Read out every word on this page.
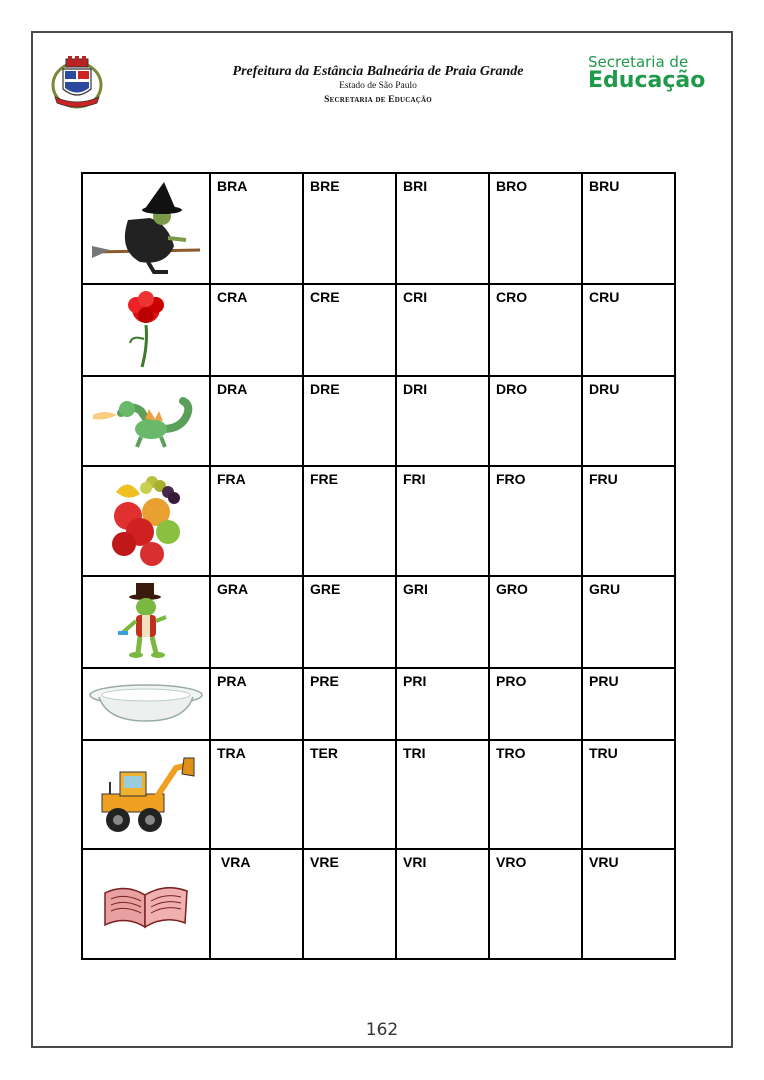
Prefeitura da Estância Balneária de Praia Grande
Estado de São Paulo
Secretaria de Educação
Secretaria de
Educação

BRA	BRE	BRI	BRO	BRU

CRA	CRE	CRI	CRO	CRU

DRA	DRE	DRI	DRO	DRU

FRA	FRE	FRI	FRO	FRU

GRA	GRE	GRI	GRO	GRU

PRA	PRE	PRI	PRO	PRU

TRA	TER	TRI	TRO	TRU

VRA	VRE	VRI	VRO	VRU
162
